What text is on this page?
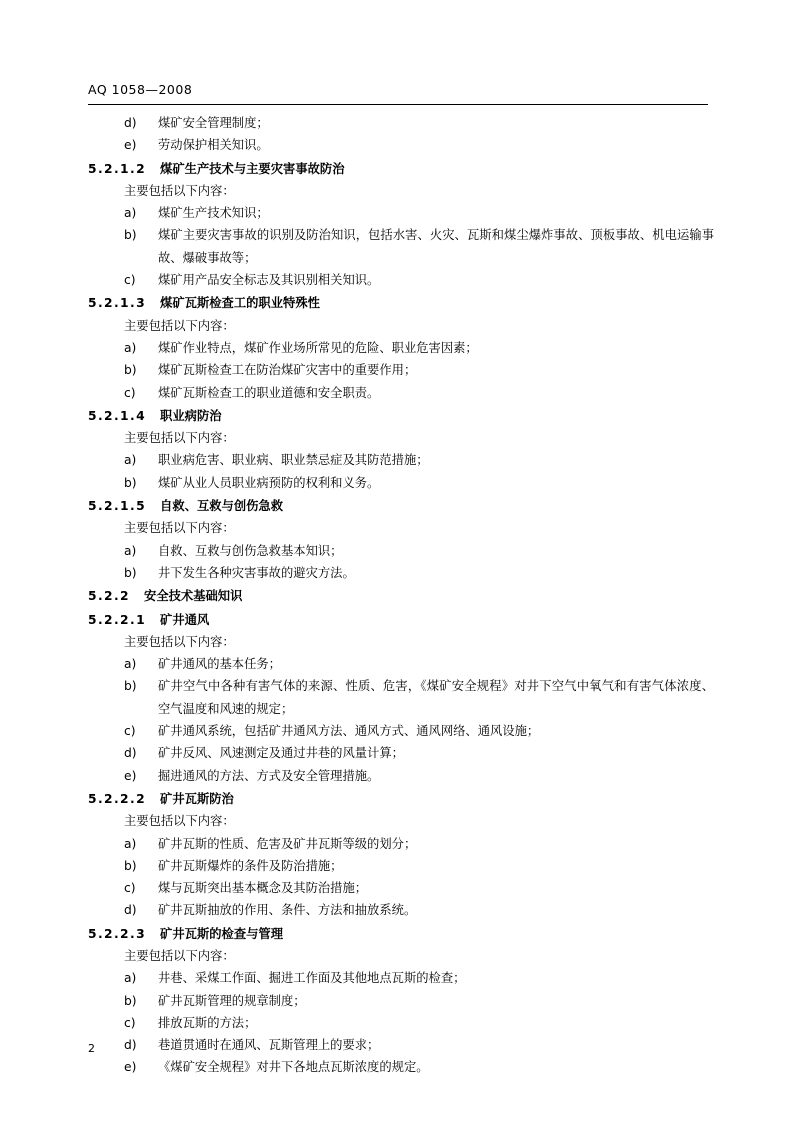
AQ 1058—2008
d)	煤矿安全管理制度；
e)	劳动保护相关知识。
5.2.1.2 煤矿生产技术与主要灾害事故防治
主要包括以下内容：
a)	煤矿生产技术知识；
b)	煤矿主要灾害事故的识别及防治知识，包括水害、火灾、瓦斯和煤尘爆炸事故、顶板事故、机电运输事故、爆破事故等；
c)	煤矿用产品安全标志及其识别相关知识。
5.2.1.3 煤矿瓦斯检查工的职业特殊性
主要包括以下内容：
a)	煤矿作业特点，煤矿作业场所常见的危险、职业危害因素；
b)	煤矿瓦斯检查工在防治煤矿灾害中的重要作用；
c)	煤矿瓦斯检查工的职业道德和安全职责。
5.2.1.4 职业病防治
主要包括以下内容：
a)	职业病危害、职业病、职业禁忌症及其防范措施；
b)	煤矿从业人员职业病预防的权利和义务。
5.2.1.5 自救、互救与创伤急救
主要包括以下内容：
a)	自救、互救与创伤急救基本知识；
b)	井下发生各种灾害事故的避灾方法。
5.2.2 安全技术基础知识
5.2.2.1 矿井通风
主要包括以下内容：
a)	矿井通风的基本任务；
b)	矿井空气中各种有害气体的来源、性质、危害，《煤矿安全规程》对井下空气中氧气和有害气体浓度、空气温度和风速的规定；
c)	矿井通风系统，包括矿井通风方法、通风方式、通风网络、通风设施；
d)	矿井反风、风速测定及通过井巷的风量计算；
e)	掘进通风的方法、方式及安全管理措施。
5.2.2.2 矿井瓦斯防治
主要包括以下内容：
a)	矿井瓦斯的性质、危害及矿井瓦斯等级的划分；
b)	矿井瓦斯爆炸的条件及防治措施；
c)	煤与瓦斯突出基本概念及其防治措施；
d)	矿井瓦斯抽放的作用、条件、方法和抽放系统。
5.2.2.3 矿井瓦斯的检查与管理
主要包括以下内容：
a)	井巷、采煤工作面、掘进工作面及其他地点瓦斯的检查；
b)	矿井瓦斯管理的规章制度；
c)	排放瓦斯的方法；
d)	巷道贯通时在通风、瓦斯管理上的要求；
e)	《煤矿安全规程》对井下各地点瓦斯浓度的规定。
2
